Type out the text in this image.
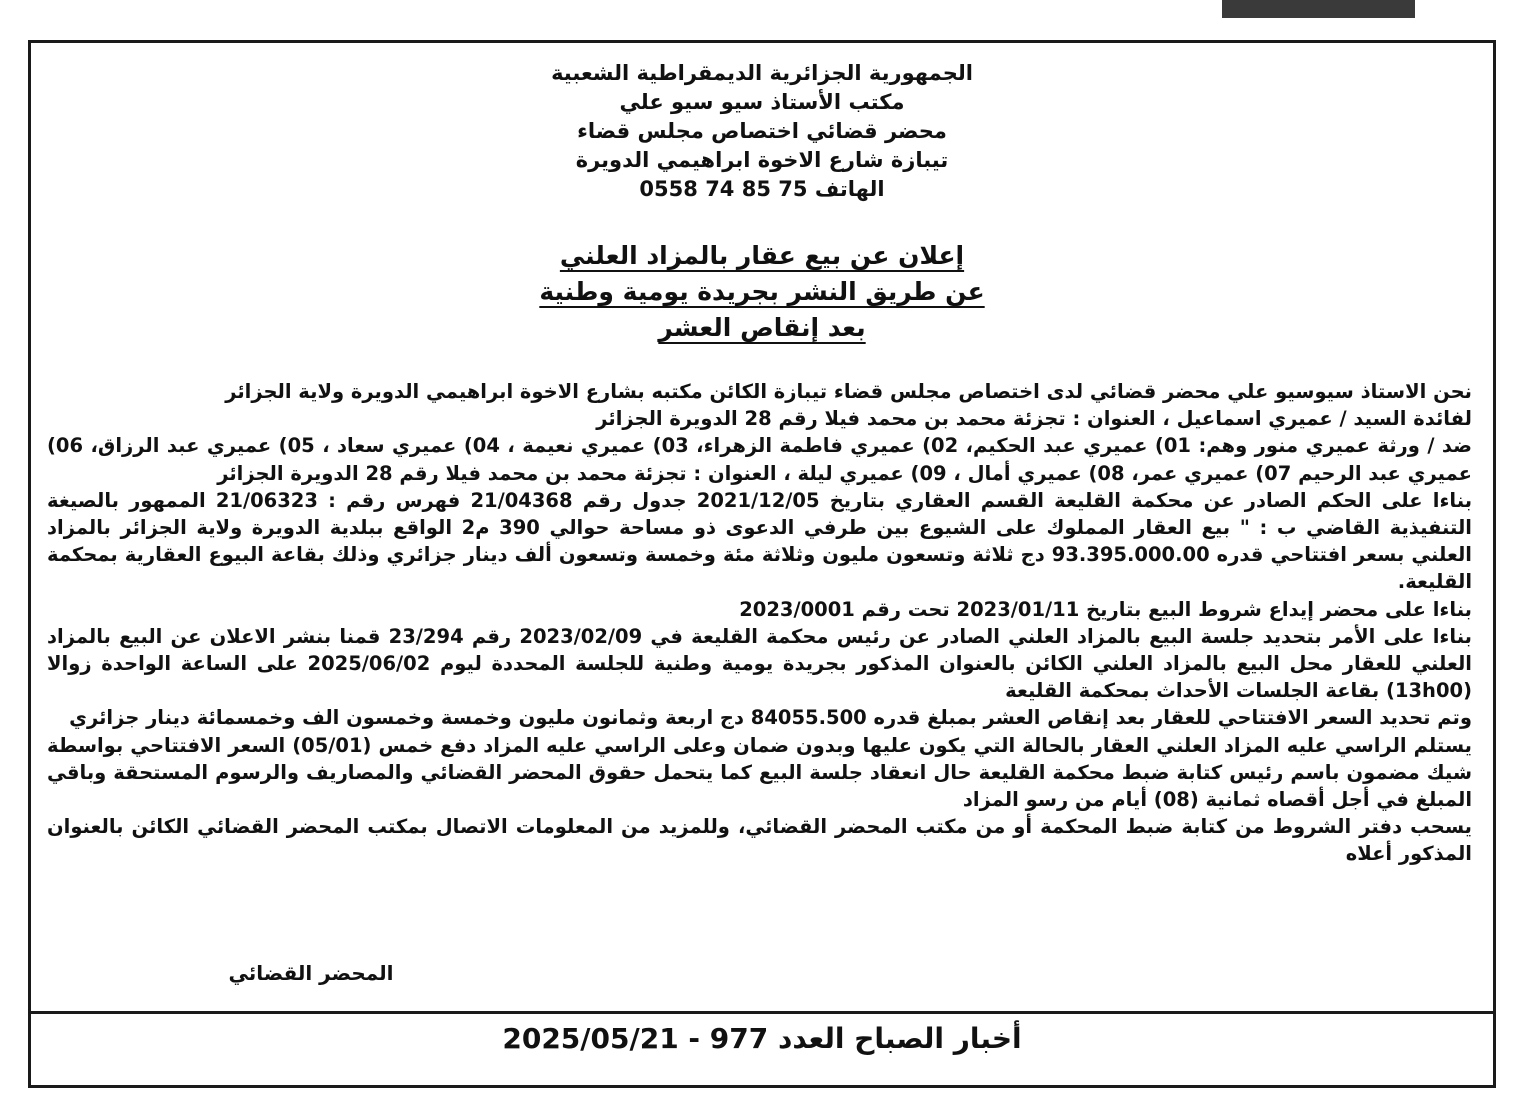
الجمهورية الجزائرية الديمقراطية الشعبية
مكتب الأستاذ سيو سيو علي
محضر قضائي اختصاص مجلس قضاء
تيبازة شارع الاخوة ابراهيمي الدويرة
الهاتف 75 85 74 0558
إعلان عن بيع عقار بالمزاد العلني
عن طريق النشر بجريدة يومية وطنية
بعد إنقاص العشر
نحن الاستاذ سيوسيو علي محضر قضائي لدى اختصاص مجلس قضاء تيبازة الكائن مكتبه بشارع الاخوة ابراهيمي الدويرة ولاية الجزائر
لفائدة السيد / عميري اسماعيل ، العنوان : تجزئة محمد بن محمد فيلا رقم 28 الدويرة الجزائر
ضد / ورثة عميري منور وهم: 01) عميري عبد الحكيم، 02) عميري فاطمة الزهراء، 03) عميري نعيمة ، 04) عميري سعاد ، 05) عميري عبد الرزاق، 06) عميري عبد الرحيم 07) عميري عمر، 08) عميري أمال ، 09) عميري ليلة ، العنوان : تجزئة محمد بن محمد فيلا رقم 28 الدويرة الجزائر
بناءا على الحكم الصادر عن محكمة القليعة القسم العقاري بتاريخ 2021/12/05 جدول رقم 21/04368 فهرس رقم : 21/06323 الممهور بالصيغة التنفيذية القاضي ب : " بيع العقار المملوك على الشيوع بين طرفي الدعوى ذو مساحة حوالي 390 م2 الواقع ببلدية الدويرة ولاية الجزائر بالمزاد العلني بسعر افتتاحي قدره 93.395.000.00 دج ثلاثة وتسعون مليون وثلاثة مئة وخمسة وتسعون ألف دينار جزائري وذلك بقاعة البيوع العقارية بمحكمة القليعة.
بناءا على محضر إيداع شروط البيع بتاريخ 2023/01/11 تحت رقم 2023/0001
بناءا على الأمر بتحديد جلسة البيع بالمزاد العلني الصادر عن رئيس محكمة القليعة في 2023/02/09 رقم 23/294 قمنا بنشر الاعلان عن البيع بالمزاد العلني للعقار محل البيع بالمزاد العلني الكائن بالعنوان المذكور بجريدة يومية وطنية للجلسة المحددة ليوم 2025/06/02 على الساعة الواحدة زوالا (13h00) بقاعة الجلسات الأحداث بمحكمة القليعة
وتم تحديد السعر الافتتاحي للعقار بعد إنقاص العشر بمبلغ قدره 84055.500 دج اربعة وثمانون مليون وخمسة وخمسون الف وخمسمائة دينار جزائري
يستلم الراسي عليه المزاد العلني العقار بالحالة التي يكون عليها وبدون ضمان وعلى الراسي عليه المزاد دفع خمس (05/01) السعر الافتتاحي بواسطة شيك مضمون باسم رئيس كتابة ضبط محكمة القليعة حال انعقاد جلسة البيع كما يتحمل حقوق المحضر القضائي والمصاريف والرسوم المستحقة وباقي المبلغ في أجل أقصاه ثمانية (08) أيام من رسو المزاد
يسحب دفتر الشروط من كتابة ضبط المحكمة أو من مكتب المحضر القضائي، وللمزيد من المعلومات الاتصال بمكتب المحضر القضائي الكائن بالعنوان المذكور أعلاه
المحضر القضائي
2025/05/21 - أخبار الصباح العدد 977
